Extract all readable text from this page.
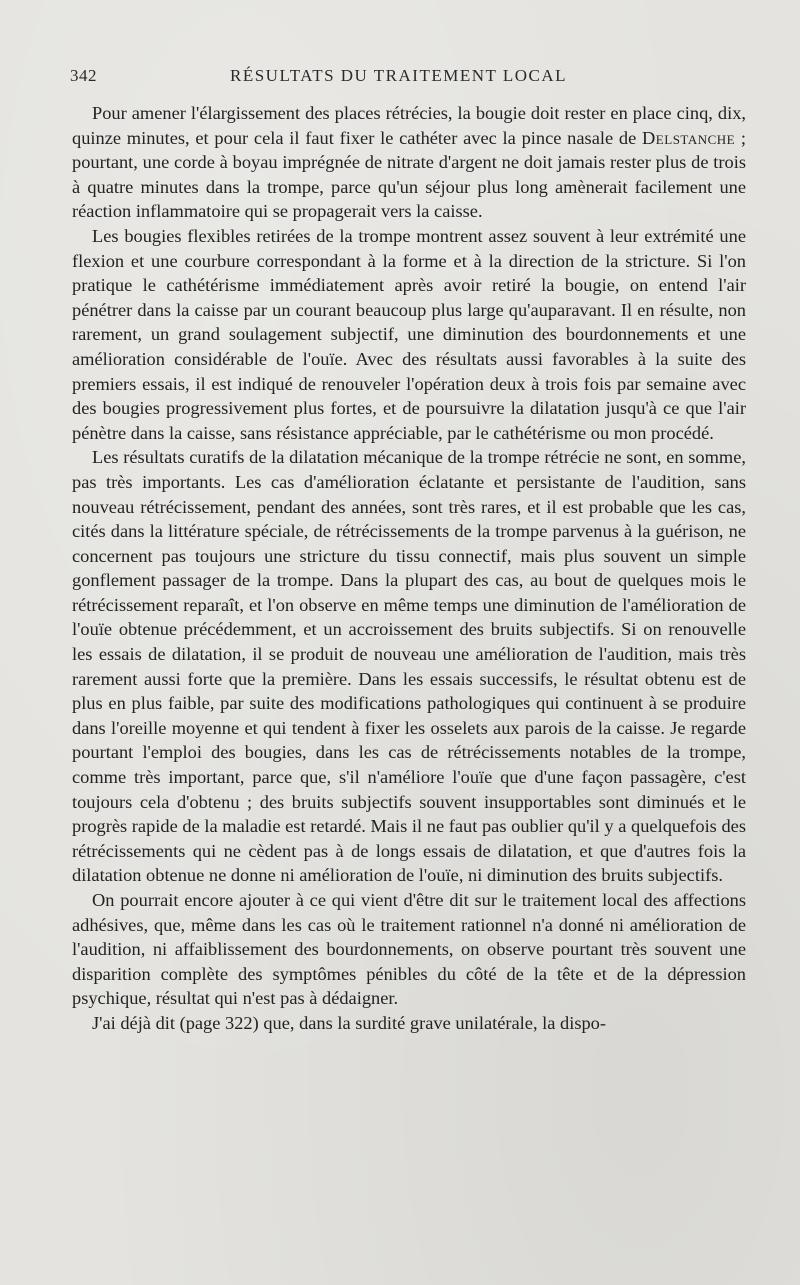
342	RÉSULTATS DU TRAITEMENT LOCAL

Pour amener l'élargissement des places rétrécies, la bougie doit rester en place cinq, dix, quinze minutes, et pour cela il faut fixer le cathéter avec la pince nasale de Delstanche ; pourtant, une corde à boyau imprégnée de nitrate d'argent ne doit jamais rester plus de trois à quatre minutes dans la trompe, parce qu'un séjour plus long amènerait facilement une réaction inflammatoire qui se propagerait vers la caisse.

Les bougies flexibles retirées de la trompe montrent assez souvent à leur extrémité une flexion et une courbure correspondant à la forme et à la direction de la stricture. Si l'on pratique le cathétérisme immédiatement après avoir retiré la bougie, on entend l'air pénétrer dans la caisse par un courant beaucoup plus large qu'auparavant. Il en résulte, non rarement, un grand soulagement subjectif, une diminution des bourdonnements et une amélioration considérable de l'ouïe. Avec des résultats aussi favorables à la suite des premiers essais, il est indiqué de renouveler l'opération deux à trois fois par semaine avec des bougies progressivement plus fortes, et de poursuivre la dilatation jusqu'à ce que l'air pénètre dans la caisse, sans résistance appréciable, par le cathétérisme ou mon procédé.

Les résultats curatifs de la dilatation mécanique de la trompe rétrécie ne sont, en somme, pas très importants. Les cas d'amélioration éclatante et persistante de l'audition, sans nouveau rétrécissement, pendant des années, sont très rares, et il est probable que les cas, cités dans la littérature spéciale, de rétrécissements de la trompe parvenus à la guérison, ne concernent pas toujours une stricture du tissu connectif, mais plus souvent un simple gonflement passager de la trompe. Dans la plupart des cas, au bout de quelques mois le rétrécissement reparaît, et l'on observe en même temps une diminution de l'amélioration de l'ouïe obtenue précédemment, et un accroissement des bruits subjectifs. Si on renouvelle les essais de dilatation, il se produit de nouveau une amélioration de l'audition, mais très rarement aussi forte que la première. Dans les essais successifs, le résultat obtenu est de plus en plus faible, par suite des modifications pathologiques qui continuent à se produire dans l'oreille moyenne et qui tendent à fixer les osselets aux parois de la caisse. Je regarde pourtant l'emploi des bougies, dans les cas de rétrécissements notables de la trompe, comme très important, parce que, s'il n'améliore l'ouïe que d'une façon passagère, c'est toujours cela d'obtenu ; des bruits subjectifs souvent insupportables sont diminués et le progrès rapide de la maladie est retardé. Mais il ne faut pas oublier qu'il y a quelquefois des rétrécissements qui ne cèdent pas à de longs essais de dilatation, et que d'autres fois la dilatation obtenue ne donne ni amélioration de l'ouïe, ni diminution des bruits subjectifs.

On pourrait encore ajouter à ce qui vient d'être dit sur le traitement local des affections adhésives, que, même dans les cas où le traitement rationnel n'a donné ni amélioration de l'audition, ni affaiblissement des bourdonnements, on observe pourtant très souvent une disparition complète des symptômes pénibles du côté de la tête et de la dépression psychique, résultat qui n'est pas à dédaigner.

J'ai déjà dit (page 322) que, dans la surdité grave unilatérale, la dispo-
